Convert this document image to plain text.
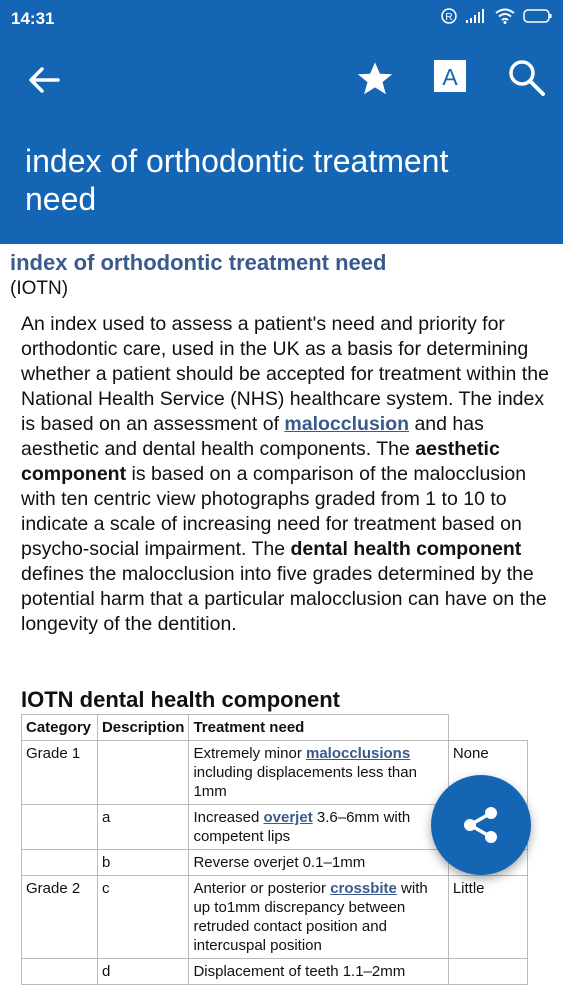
14:31	R
A
index of orthodontic treatment need
index of orthodontic treatment need
(IOTN)
An index used to assess a patient's need and priority for orthodontic care, used in the UK as a basis for determining whether a patient should be accepted for treatment within the National Health Service (NHS) healthcare system. The index is based on an assessment of malocclusion and has aesthetic and dental health components. The aesthetic component is based on a comparison of the malocclusion with ten centric view photographs graded from 1 to 10 to indicate a scale of increasing need for treatment based on psycho-social impairment. The dental health component defines the malocclusion into five grades determined by the potential harm that a particular malocclusion can have on the longevity of the dentition.
IOTN dental health component
Category	Description	Treatment need	
Grade 1		Extremely minor malocclusions including displacements less than 1mm	None
	a	Increased overjet 3.6–6mm with competent lips	
	b	Reverse overjet 0.1–1mm	
Grade 2	c	Anterior or posterior crossbite with up to1mm discrepancy between retruded contact position and intercuspal position	Little
	d	Displacement of teeth 1.1–2mm	
